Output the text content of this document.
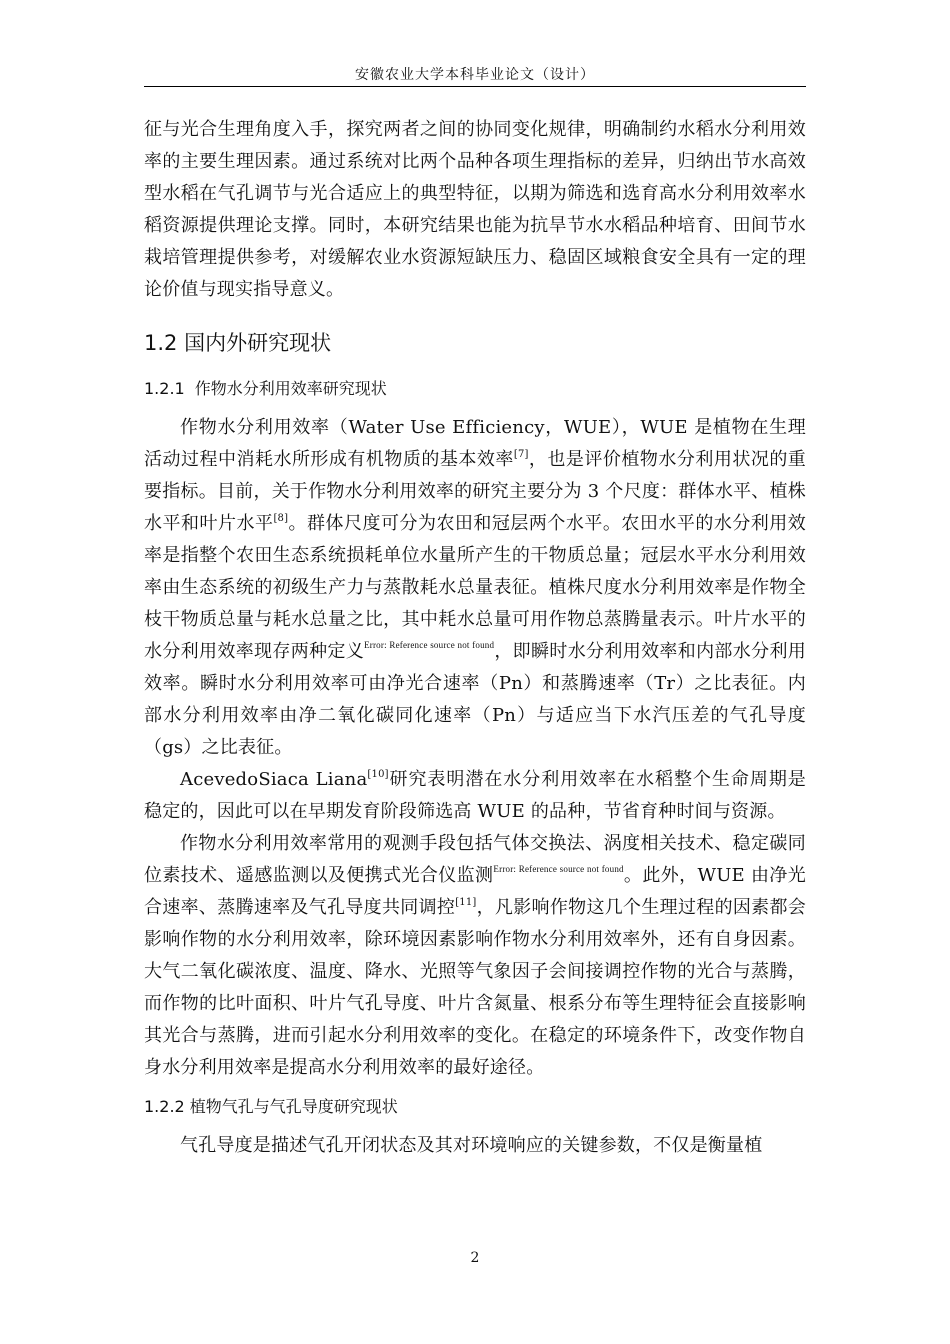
安徽农业大学本科毕业论文（设计）

征与光合生理角度入手，探究两者之间的协同变化规律，明确制约水稻水分利用效率的主要生理因素。通过系统对比两个品种各项生理指标的差异，归纳出节水高效型水稻在气孔调节与光合适应上的典型特征，以期为筛选和选育高水分利用效率水稻资源提供理论支撑。同时，本研究结果也能为抗旱节水水稻品种培育、田间节水栽培管理提供参考，对缓解农业水资源短缺压力、稳固区域粮食安全具有一定的理论价值与现实指导意义。

1.2 国内外研究现状
1.2.1 作物水分利用效率研究现状

作物水分利用效率（Water Use Efficiency，WUE），WUE 是植物在生理活动过程中消耗水所形成有机物质的基本效率[7]，也是评价植物水分利用状况的重要指标。目前，关于作物水分利用效率的研究主要分为 3 个尺度：群体水平、植株水平和叶片水平[8]。群体尺度可分为农田和冠层两个水平。农田水平的水分利用效率是指整个农田生态系统损耗单位水量所产生的干物质总量；冠层水平水分利用效率由生态系统的初级生产力与蒸散耗水总量表征。植株尺度水分利用效率是作物全枝干物质总量与耗水总量之比，其中耗水总量可用作物总蒸腾量表示。叶片水平的水分利用效率现存两种定义$^{Error: Reference source not found}$，即瞬时水分利用效率和内部水分利用效率。瞬时水分利用效率可由净光合速率（Pn）和蒸腾速率（Tr）之比表征。内部水分利用效率由净二氧化碳同化速率（Pn）与适应当下水汽压差的气孔导度（gs）之比表征。

AcevedoSiaca Liana[10]研究表明潜在水分利用效率在水稻整个生命周期是稳定的，因此可以在早期发育阶段筛选高 WUE 的品种，节省育种时间与资源。

作物水分利用效率常用的观测手段包括气体交换法、涡度相关技术、稳定碳同位素技术、遥感监测以及便携式光合仪监测$^{Error: Reference source not found}$。此外，WUE 由净光合速率、蒸腾速率及气孔导度共同调控[11]，凡影响作物这几个生理过程的因素都会影响作物的水分利用效率，除环境因素影响作物水分利用效率外，还有自身因素。大气二氧化碳浓度、温度、降水、光照等气象因子会间接调控作物的光合与蒸腾，而作物的比叶面积、叶片气孔导度、叶片含氮量、根系分布等生理特征会直接影响其光合与蒸腾，进而引起水分利用效率的变化。在稳定的环境条件下，改变作物自身水分利用效率是提高水分利用效率的最好途径。

1.2.2 植物气孔与气孔导度研究现状

气孔导度是描述气孔开闭状态及其对环境响应的关键参数，不仅是衡量植

2
